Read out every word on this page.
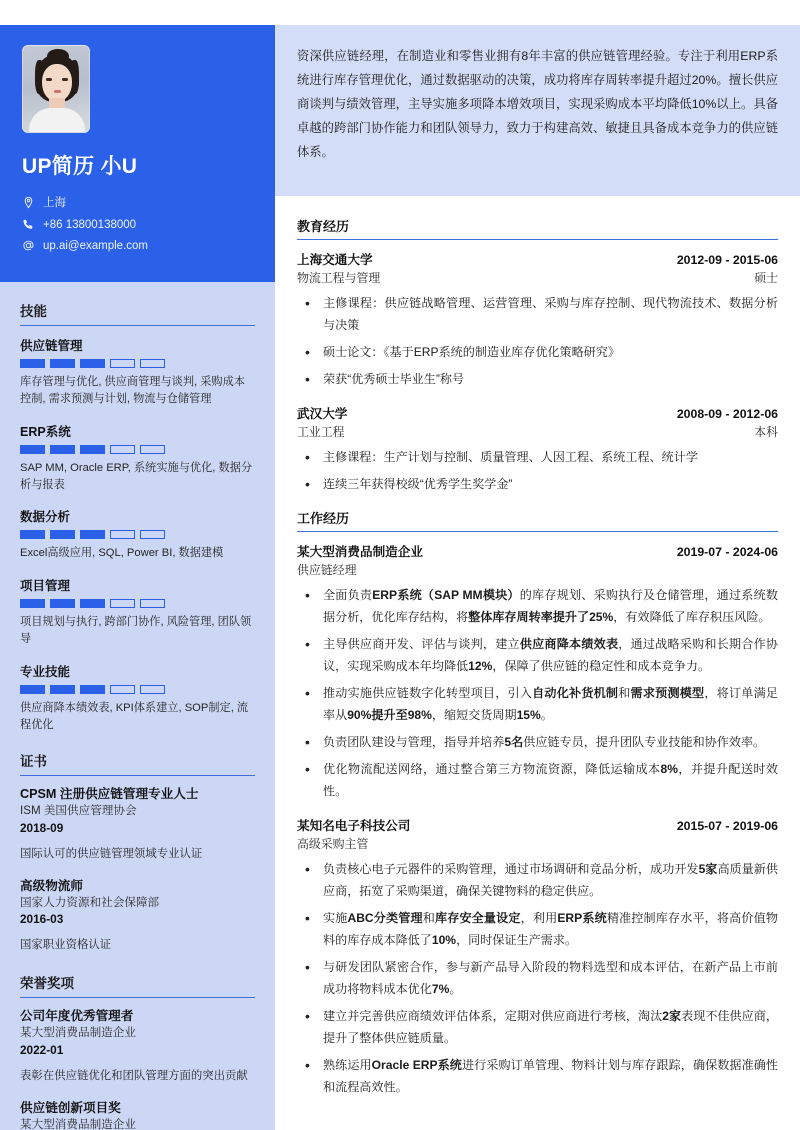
UP简历 小U
上海
+86 13800138000
up.ai@example.com
技能
供应链管理
库存管理与优化, 供应商管理与谈判, 采购成本控制, 需求预测与计划, 物流与仓储管理
ERP系统
SAP MM, Oracle ERP, 系统实施与优化, 数据分析与报表
数据分析
Excel高级应用, SQL, Power BI, 数据建模
项目管理
项目规划与执行, 跨部门协作, 风险管理, 团队领导
专业技能
供应商降本绩效表, KPI体系建立, SOP制定, 流程优化
证书
CPSM 注册供应链管理专业人士
ISM 美国供应管理协会
2018-09
国际认可的供应链管理领域专业认证
高级物流师
国家人力资源和社会保障部
2016-03
国家职业资格认证
荣誉奖项
公司年度优秀管理者
某大型消费品制造企业
2022-01
表彰在供应链优化和团队管理方面的突出贡献
供应链创新项目奖
某大型消费品制造企业

资深供应链经理，在制造业和零售业拥有8年丰富的供应链管理经验。专注于利用ERP系统进行库存管理优化，通过数据驱动的决策，成功将库存周转率提升超过20%。擅长供应商谈判与绩效管理，主导实施多项降本增效项目，实现采购成本平均降低10%以上。具备卓越的跨部门协作能力和团队领导力，致力于构建高效、敏捷且具备成本竞争力的供应链体系。

教育经历
上海交通大学	2012-09 - 2015-06
物流工程与管理	硕士
• 主修课程：供应链战略管理、运营管理、采购与库存控制、现代物流技术、数据分析与决策
• 硕士论文：《基于ERP系统的制造业库存优化策略研究》
• 荣获“优秀硕士毕业生”称号
武汉大学	2008-09 - 2012-06
工业工程	本科
• 主修课程：生产计划与控制、质量管理、人因工程、系统工程、统计学
• 连续三年获得校级“优秀学生奖学金”
工作经历
某大型消费品制造企业	2019-07 - 2024-06
供应链经理
• 全面负责ERP系统（SAP MM模块）的库存规划、采购执行及仓储管理，通过系统数据分析，优化库存结构，将整体库存周转率提升了25%，有效降低了库存积压风险。
• 主导供应商开发、评估与谈判，建立供应商降本绩效表，通过战略采购和长期合作协议，实现采购成本年均降低12%，保障了供应链的稳定性和成本竞争力。
• 推动实施供应链数字化转型项目，引入自动化补货机制和需求预测模型，将订单满足率从90%提升至98%，缩短交货周期15%。
• 负责团队建设与管理，指导并培养5名供应链专员，提升团队专业技能和协作效率。
• 优化物流配送网络，通过整合第三方物流资源，降低运输成本8%，并提升配送时效性。
某知名电子科技公司	2015-07 - 2019-06
高级采购主管
• 负责核心电子元器件的采购管理，通过市场调研和竞品分析，成功开发5家高质量新供应商，拓宽了采购渠道，确保关键物料的稳定供应。
• 实施ABC分类管理和库存安全量设定，利用ERP系统精准控制库存水平，将高价值物料的库存成本降低了10%，同时保证生产需求。
• 与研发团队紧密合作，参与新产品导入阶段的物料选型和成本评估，在新产品上市前成功将物料成本优化7%。
• 建立并完善供应商绩效评估体系，定期对供应商进行考核，淘汰2家表现不佳供应商，提升了整体供应链质量。
• 熟练运用Oracle ERP系统进行采购订单管理、物料计划与库存跟踪，确保数据准确性和流程高效性。
